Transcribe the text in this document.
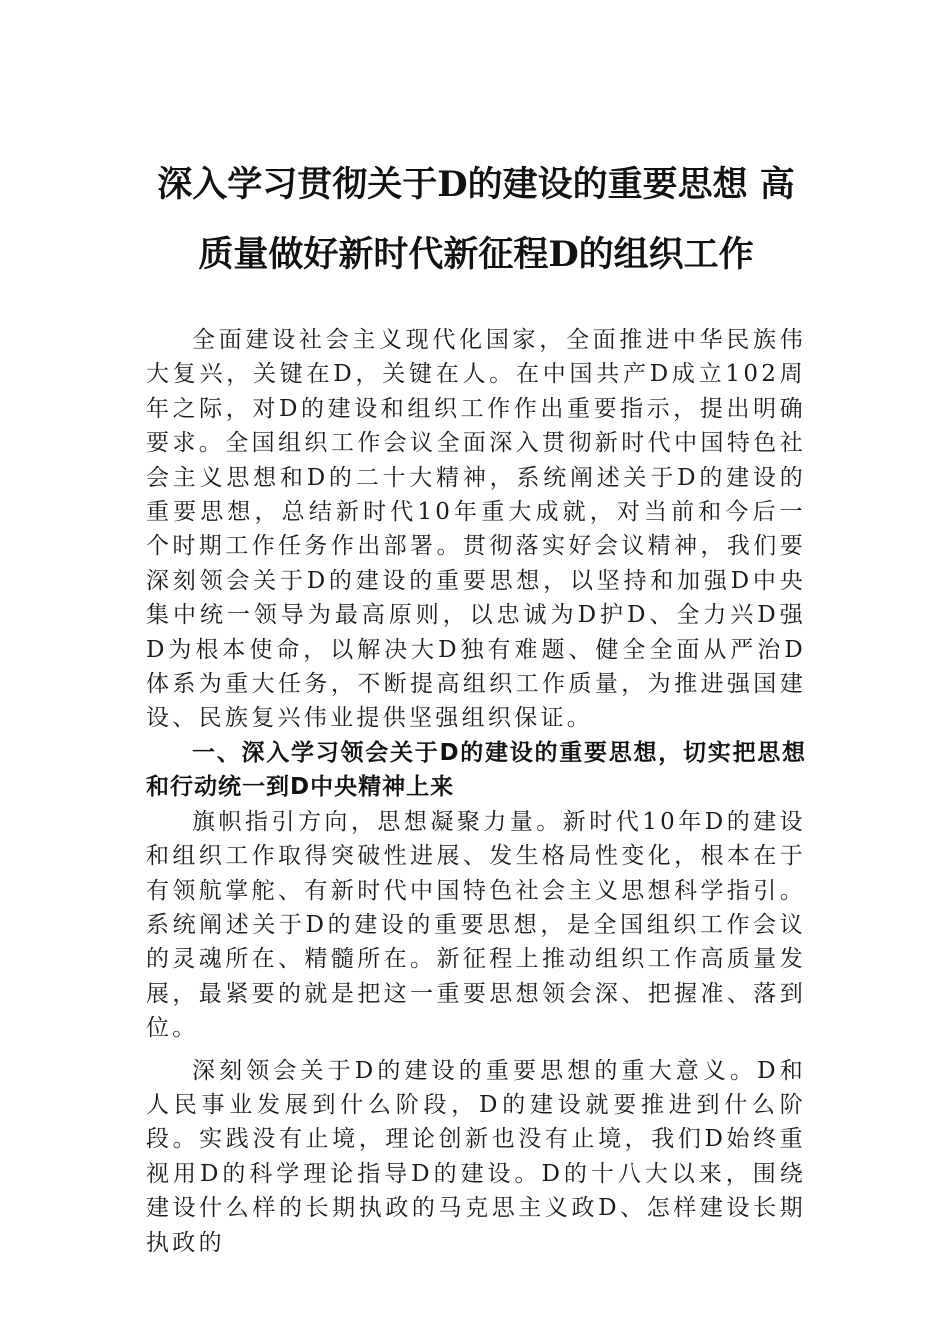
深入学习贯彻关于D的建设的重要思想 高
质量做好新时代新征程D的组织工作

全面建设社会主义现代化国家，全面推进中华民族伟大复兴，关键在D，关键在人。在中国共产D成立102周年之际，对D的建设和组织工作作出重要指示，提出明确要求。全国组织工作会议全面深入贯彻新时代中国特色社会主义思想和D的二十大精神，系统阐述关于D的建设的重要思想，总结新时代10年重大成就，对当前和今后一个时期工作任务作出部署。贯彻落实好会议精神，我们要深刻领会关于D的建设的重要思想，以坚持和加强D中央集中统一领导为最高原则，以忠诚为D护D、全力兴D强D为根本使命，以解决大D独有难题、健全全面从严治D体系为重大任务，不断提高组织工作质量，为推进强国建设、民族复兴伟业提供坚强组织保证。

一、深入学习领会关于D的建设的重要思想，切实把思想和行动统一到D中央精神上来

旗帜指引方向，思想凝聚力量。新时代10年D的建设和组织工作取得突破性进展、发生格局性变化，根本在于有领航掌舵、有新时代中国特色社会主义思想科学指引。系统阐述关于D的建设的重要思想，是全国组织工作会议的灵魂所在、精髓所在。新征程上推动组织工作高质量发展，最紧要的就是把这一重要思想领会深、把握准、落到位。

深刻领会关于D的建设的重要思想的重大意义。D和人民事业发展到什么阶段，D的建设就要推进到什么阶段。实践没有止境，理论创新也没有止境，我们D始终重视用D的科学理论指导D的建设。D的十八大以来，围绕建设什么样的长期执政的马克思主义政D、怎样建设长期执政的
